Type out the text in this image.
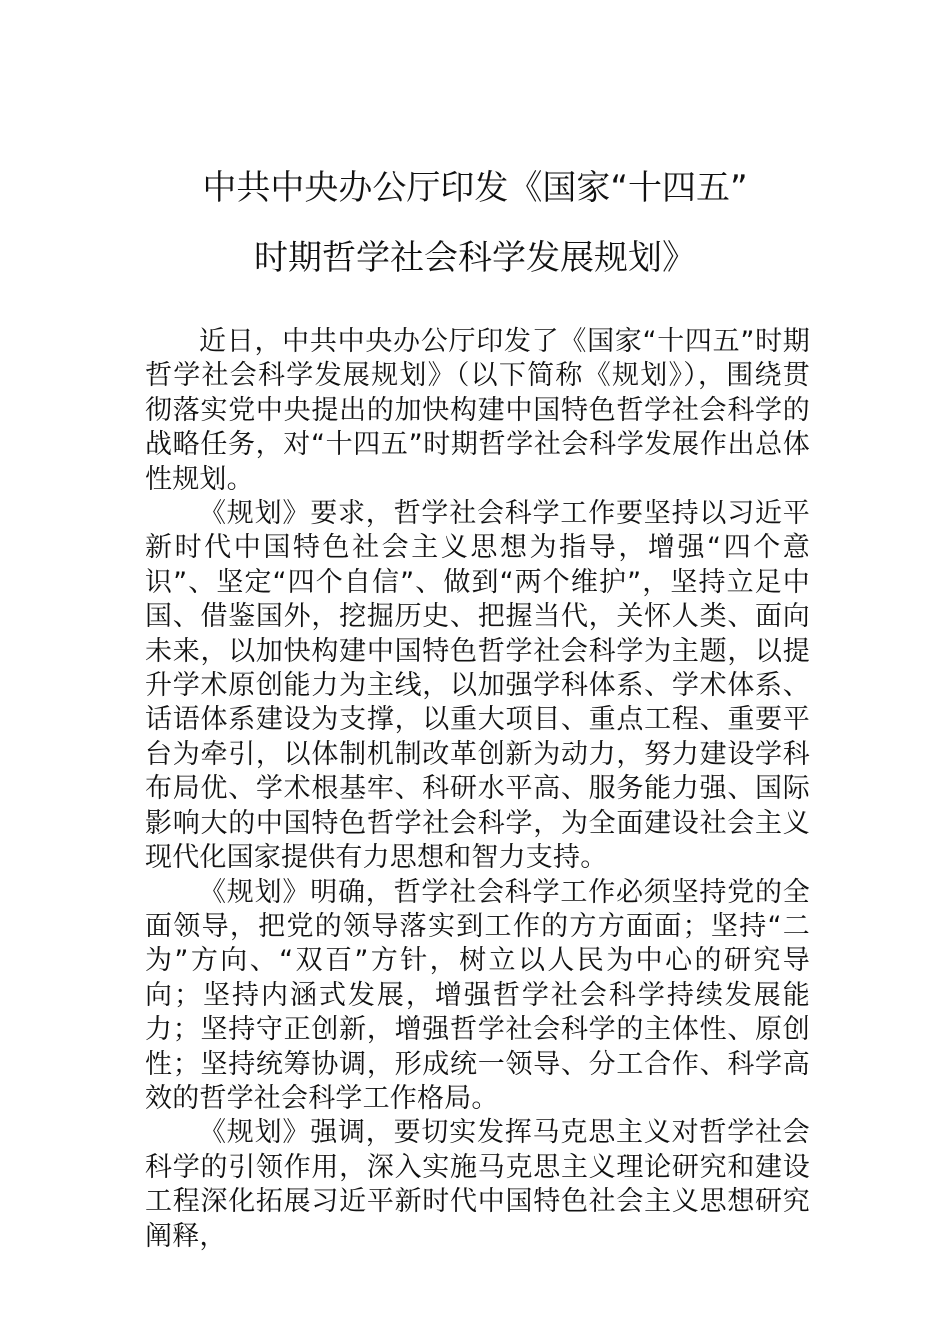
中共中央办公厅印发《国家“十四五”
时期哲学社会科学发展规划》

近日，中共中央办公厅印发了《国家“十四五”时期哲学社会科学发展规划》（以下简称《规划》），围绕贯彻落实党中央提出的加快构建中国特色哲学社会科学的战略任务，对“十四五”时期哲学社会科学发展作出总体性规划。

《规划》要求，哲学社会科学工作要坚持以习近平新时代中国特色社会主义思想为指导，增强“四个意识”、坚定“四个自信”、做到“两个维护”，坚持立足中国、借鉴国外，挖掘历史、把握当代，关怀人类、面向未来，以加快构建中国特色哲学社会科学为主题，以提升学术原创能力为主线，以加强学科体系、学术体系、话语体系建设为支撑，以重大项目、重点工程、重要平台为牵引，以体制机制改革创新为动力，努力建设学科布局优、学术根基牢、科研水平高、服务能力强、国际影响大的中国特色哲学社会科学，为全面建设社会主义现代化国家提供有力思想和智力支持。

《规划》明确，哲学社会科学工作必须坚持党的全面领导，把党的领导落实到工作的方方面面；坚持“二为”方向、“双百”方针，树立以人民为中心的研究导向；坚持内涵式发展，增强哲学社会科学持续发展能力；坚持守正创新，增强哲学社会科学的主体性、原创性；坚持统筹协调，形成统一领导、分工合作、科学高效的哲学社会科学工作格局。

《规划》强调，要切实发挥马克思主义对哲学社会科学的引领作用，深入实施马克思主义理论研究和建设工程深化拓展习近平新时代中国特色社会主义思想研究阐释，
